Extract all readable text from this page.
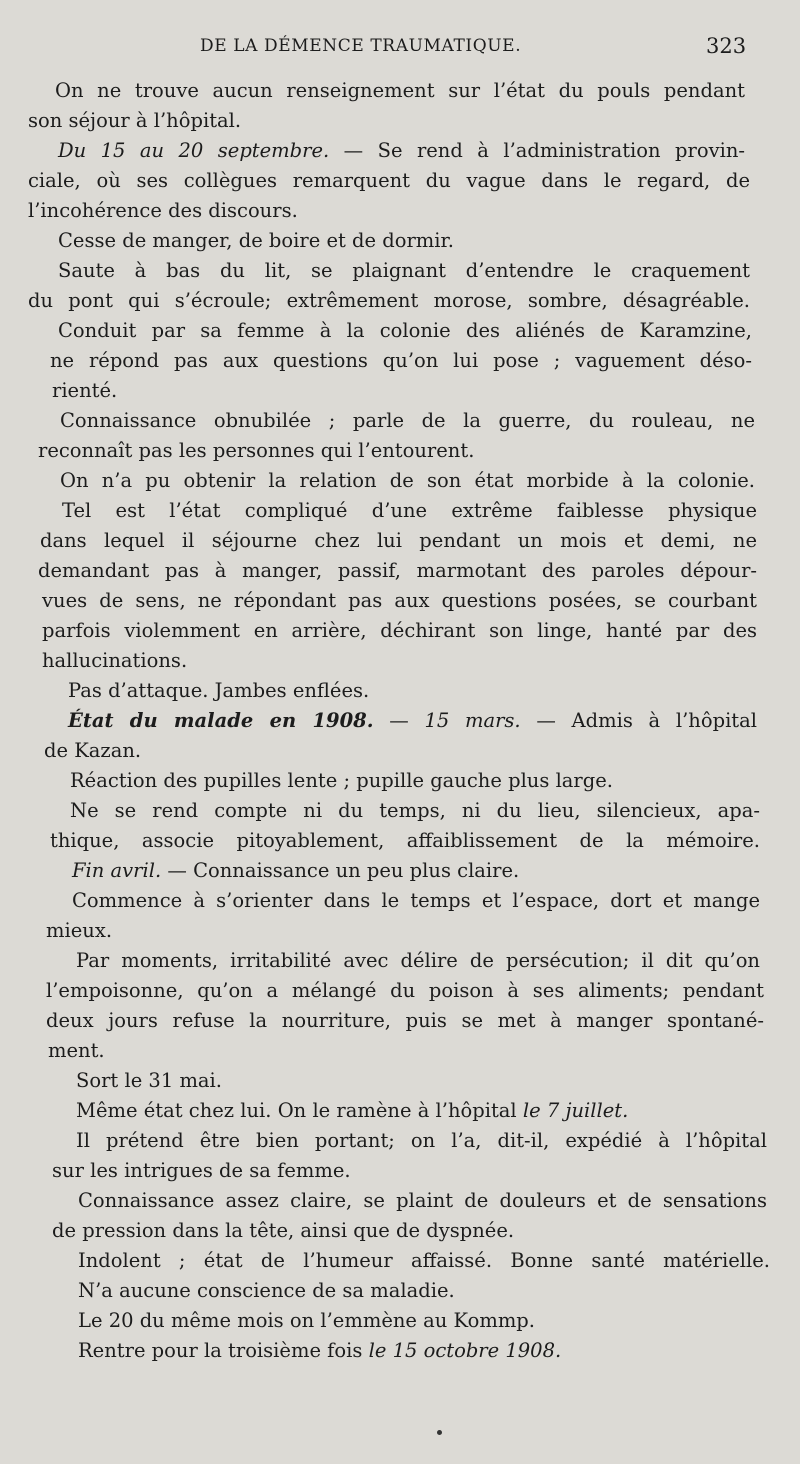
DE LA DÉMENCE TRAUMATIQUE.	323
On ne trouve aucun renseignement sur l’état du pouls pendant
son séjour à l’hôpital.
Du 15 au 20 septembre. — Se rend à l’administration provin-
ciale, où ses collègues remarquent du vague dans le regard, de
l’incohérence des discours.
Cesse de manger, de boire et de dormir.
Saute à bas du lit, se plaignant d’entendre le craquement
du pont qui s’écroule; extrêmement morose, sombre, désagréable.
Conduit par sa femme à la colonie des aliénés de Karamzine,
ne répond pas aux questions qu’on lui pose ; vaguement déso-
rienté.
Connaissance obnubilée ; parle de la guerre, du rouleau, ne
reconnaît pas les personnes qui l’entourent.
On n’a pu obtenir la relation de son état morbide à la colonie.
Tel est l’état compliqué d’une extrême faiblesse physique
dans lequel il séjourne chez lui pendant un mois et demi, ne
demandant pas à manger, passif, marmotant des paroles dépour-
vues de sens, ne répondant pas aux questions posées, se courbant
parfois violemment en arrière, déchirant son linge, hanté par des
hallucinations.
Pas d’attaque. Jambes enflées.
État du malade en 1908. — 15 mars. — Admis à l’hôpital
de Kazan.
Réaction des pupilles lente ; pupille gauche plus large.
Ne se rend compte ni du temps, ni du lieu, silencieux, apa-
thique, associe pitoyablement, affaiblissement de la mémoire.
Fin avril. — Connaissance un peu plus claire.
Commence à s’orienter dans le temps et l’espace, dort et mange
mieux.
Par moments, irritabilité avec délire de persécution; il dit qu’on
l’empoisonne, qu’on a mélangé du poison à ses aliments; pendant
deux jours refuse la nourriture, puis se met à manger spontané-
ment.
Sort le 31 mai.
Même état chez lui. On le ramène à l’hôpital le 7 juillet.
Il prétend être bien portant; on l’a, dit-il, expédié à l’hôpital
sur les intrigues de sa femme.
Connaissance assez claire, se plaint de douleurs et de sensations
de pression dans la tête, ainsi que de dyspnée.
Indolent ; état de l’humeur affaissé. Bonne santé matérielle.
N’a aucune conscience de sa maladie.
Le 20 du même mois on l’emmène au Kommp.
Rentre pour la troisième fois le 15 octobre 1908.
